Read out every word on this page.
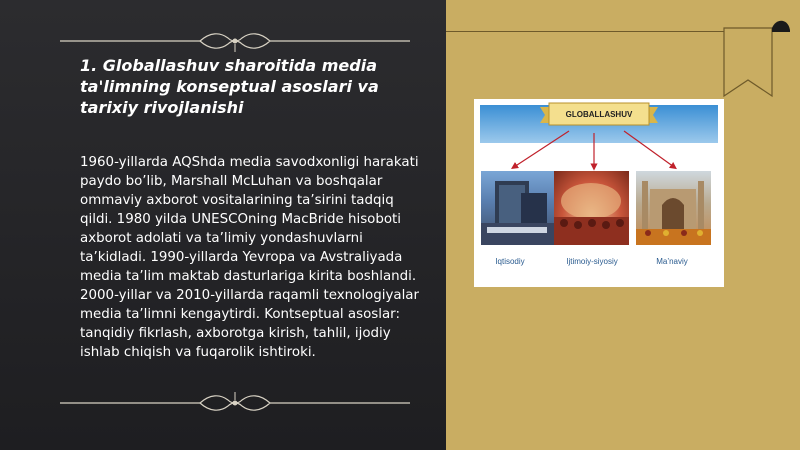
1. Globallashuv sharoitida media ta'limning konseptual asoslari va tarixiy rivojlanishi

1960-yillarda AQShda media savodxonligi harakati paydo bo’lib, Marshall McLuhan va boshqalar ommaviy axborot vositalarining ta’sirini tadqiq qildi. 1980 yilda UNESCOning MacBride hisoboti axborot adolati va ta’limiy yondashuvlarni ta’kidladi. 1990-yillarda Yevropa va Avstraliyada media ta’lim maktab dasturlariga kirita boshlandi. 2000-yillar va 2010-yillarda raqamli texnologiyalar media ta’limni kengaytirdi. Kontseptual asoslar: tanqidiy fikrlash, axborotga kirish, tahlil, ijodiy ishlab chiqish va fuqarolik ishtiroki.

GLOBALLASHUV
Iqtisodiy	Ijtimoiy-siyosiy	Ma’naviy
